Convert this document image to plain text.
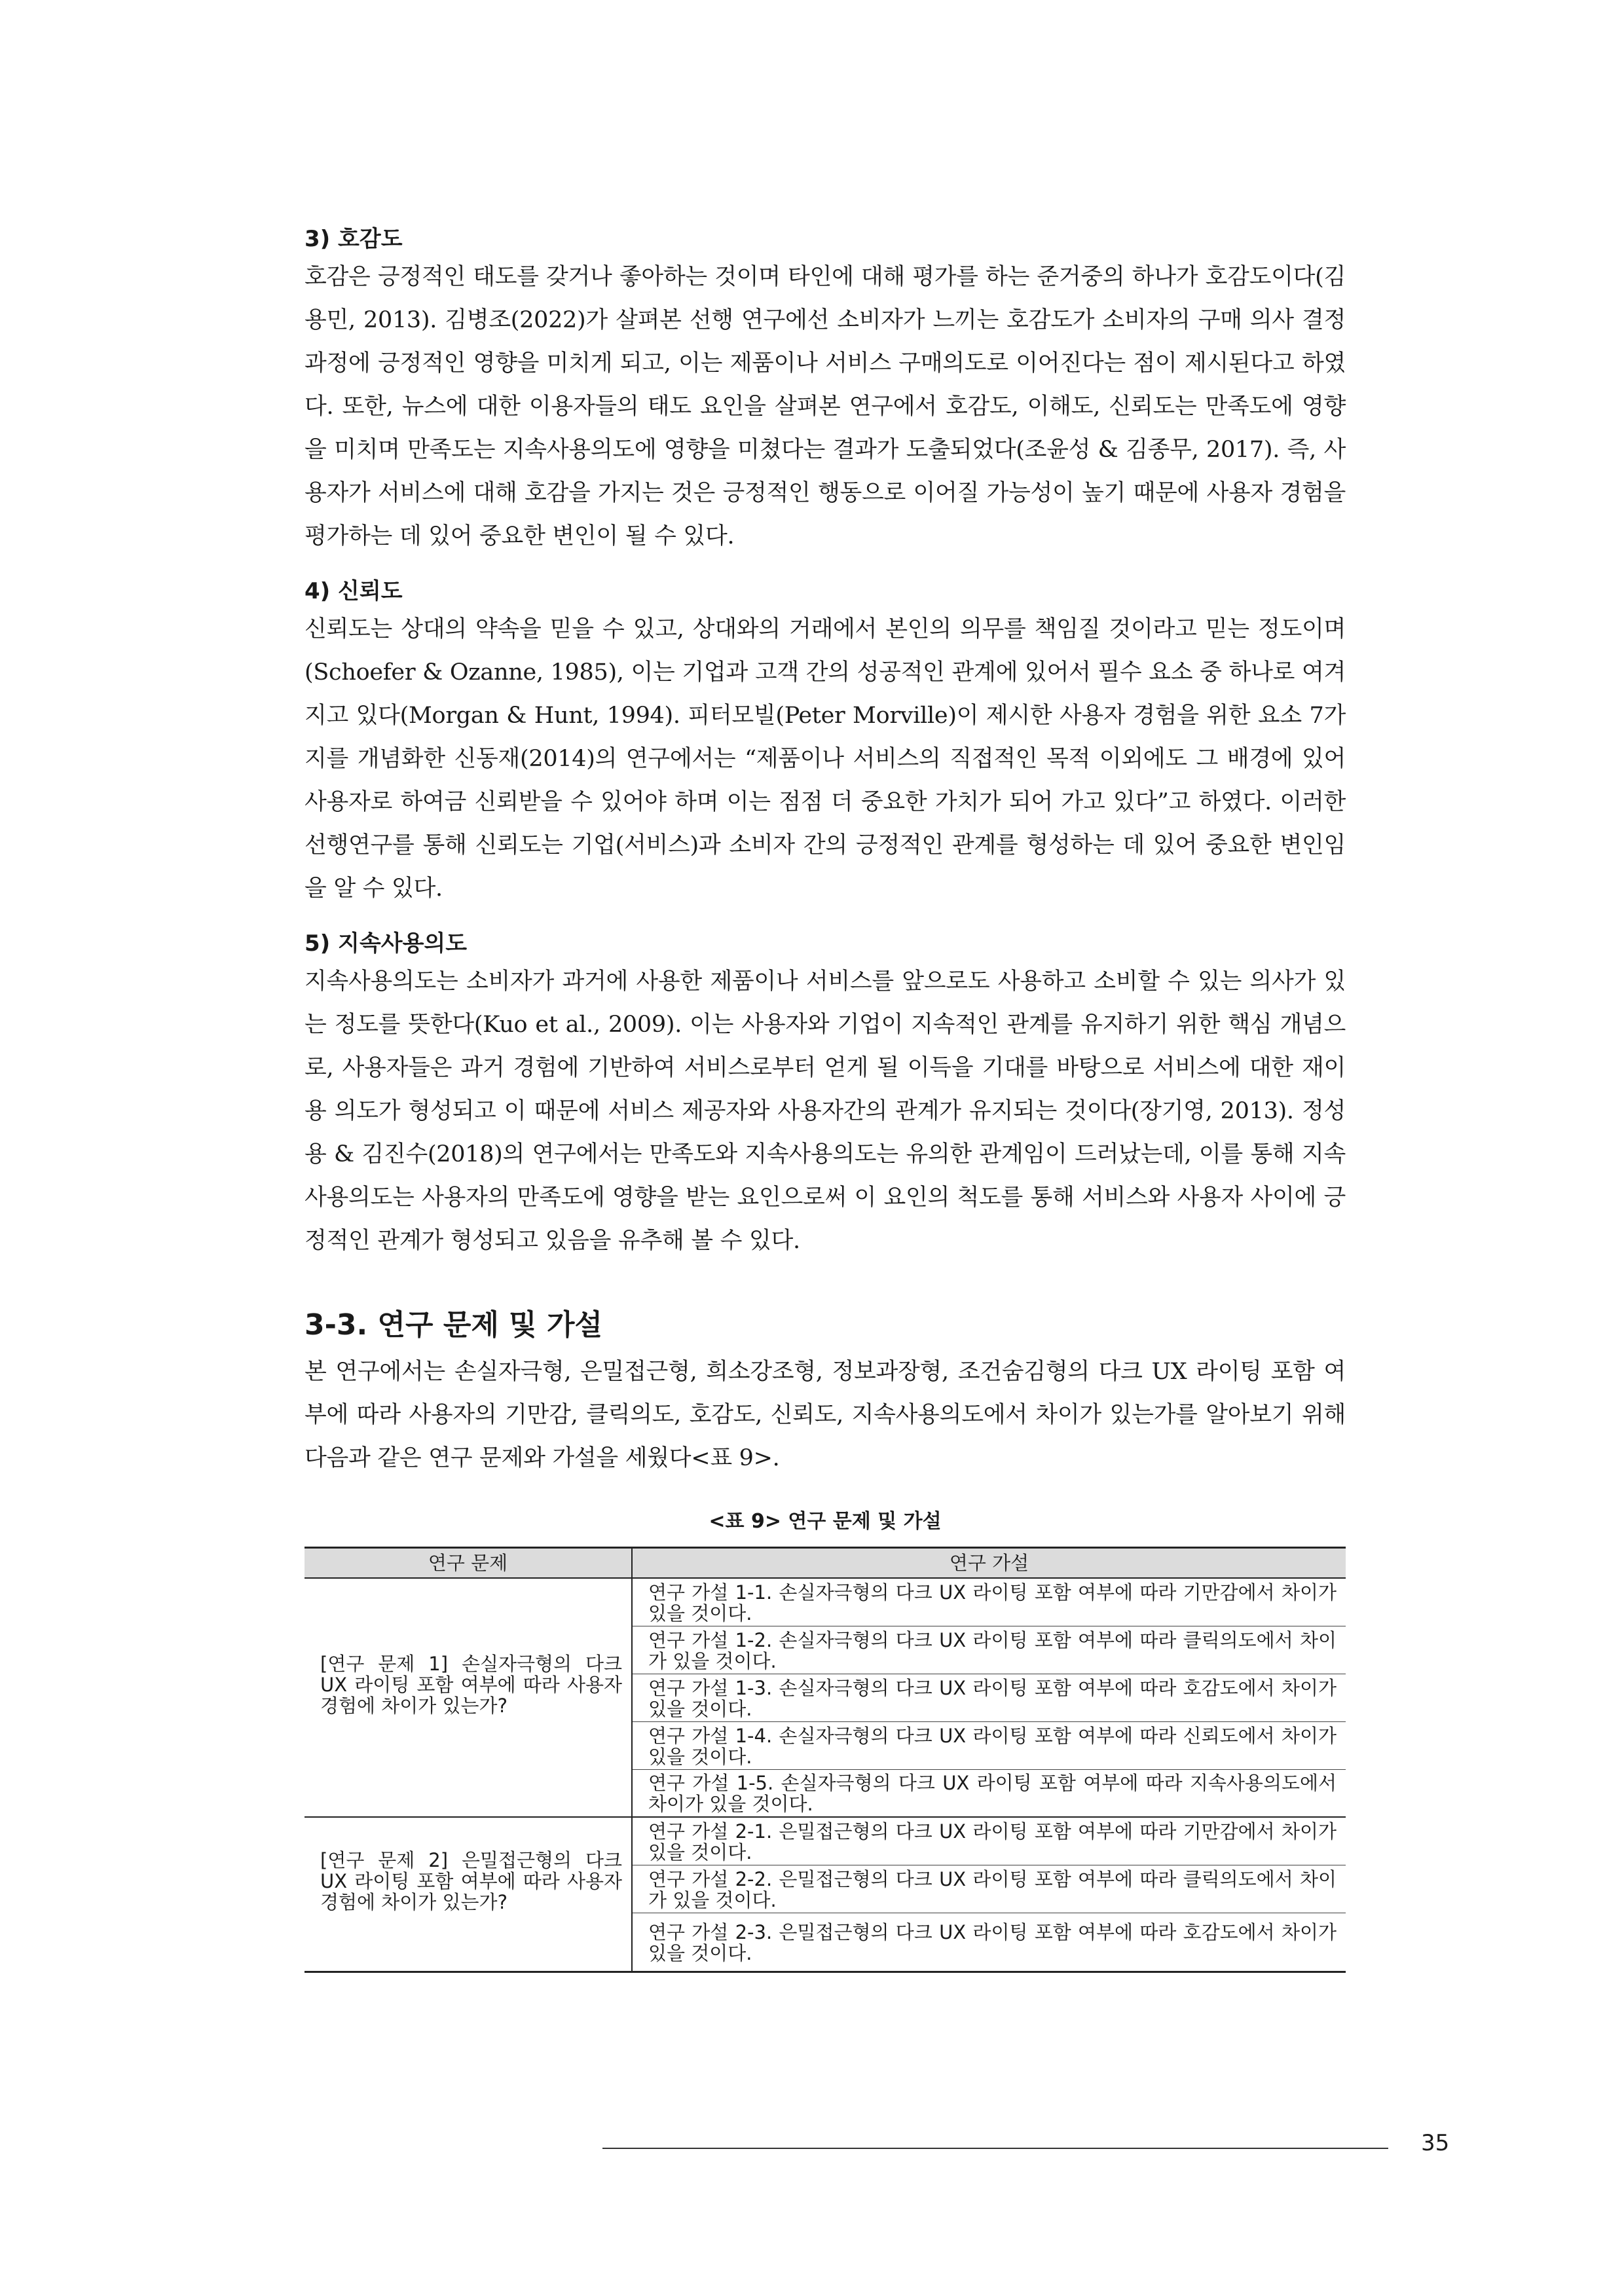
3) 호감도

호감은 긍정적인 태도를 갖거나 좋아하는 것이며 타인에 대해 평가를 하는 준거중의 하나가 호감도이다(김용민, 2013). 김병조(2022)가 살펴본 선행 연구에선 소비자가 느끼는 호감도가 소비자의 구매 의사 결정 과정에 긍정적인 영향을 미치게 되고, 이는 제품이나 서비스 구매의도로 이어진다는 점이 제시된다고 하였다. 또한, 뉴스에 대한 이용자들의 태도 요인을 살펴본 연구에서 호감도, 이해도, 신뢰도는 만족도에 영향을 미치며 만족도는 지속사용의도에 영향을 미쳤다는 결과가 도출되었다(조윤성 & 김종무, 2017). 즉, 사용자가 서비스에 대해 호감을 가지는 것은 긍정적인 행동으로 이어질 가능성이 높기 때문에 사용자 경험을 평가하는 데 있어 중요한 변인이 될 수 있다.

4) 신뢰도

신뢰도는 상대의 약속을 믿을 수 있고, 상대와의 거래에서 본인의 의무를 책임질 것이라고 믿는 정도이며(Schoefer & Ozanne, 1985), 이는 기업과 고객 간의 성공적인 관계에 있어서 필수 요소 중 하나로 여겨지고 있다(Morgan & Hunt, 1994). 피터모빌(Peter Morville)이 제시한 사용자 경험을 위한 요소 7가지를 개념화한 신동재(2014)의 연구에서는 “제품이나 서비스의 직접적인 목적 이외에도 그 배경에 있어 사용자로 하여금 신뢰받을 수 있어야 하며 이는 점점 더 중요한 가치가 되어 가고 있다”고 하였다. 이러한 선행연구를 통해 신뢰도는 기업(서비스)과 소비자 간의 긍정적인 관계를 형성하는 데 있어 중요한 변인임을 알 수 있다.

5) 지속사용의도

지속사용의도는 소비자가 과거에 사용한 제품이나 서비스를 앞으로도 사용하고 소비할 수 있는 의사가 있는 정도를 뜻한다(Kuo et al., 2009). 이는 사용자와 기업이 지속적인 관계를 유지하기 위한 핵심 개념으로, 사용자들은 과거 경험에 기반하여 서비스로부터 얻게 될 이득을 기대를 바탕으로 서비스에 대한 재이용 의도가 형성되고 이 때문에 서비스 제공자와 사용자간의 관계가 유지되는 것이다(장기영, 2013). 정성용 & 김진수(2018)의 연구에서는 만족도와 지속사용의도는 유의한 관계임이 드러났는데, 이를 통해 지속사용의도는 사용자의 만족도에 영향을 받는 요인으로써 이 요인의 척도를 통해 서비스와 사용자 사이에 긍정적인 관계가 형성되고 있음을 유추해 볼 수 있다.

3-3. 연구 문제 및 가설

본 연구에서는 손실자극형, 은밀접근형, 희소강조형, 정보과장형, 조건숨김형의 다크 UX 라이팅 포함 여부에 따라 사용자의 기만감, 클릭의도, 호감도, 신뢰도, 지속사용의도에서 차이가 있는가를 알아보기 위해 다음과 같은 연구 문제와 가설을 세웠다<표 9>.

<표 9> 연구 문제 및 가설
연구 문제	연구 가설
[연구 문제 1] 손실자극형의 다크 UX 라이팅 포함 여부에 따라 사용자 경험에 차이가 있는가?	연구 가설 1-1. 손실자극형의 다크 UX 라이팅 포함 여부에 따라 기만감에서 차이가 있을 것이다.
	연구 가설 1-2. 손실자극형의 다크 UX 라이팅 포함 여부에 따라 클릭의도에서 차이가 있을 것이다.
	연구 가설 1-3. 손실자극형의 다크 UX 라이팅 포함 여부에 따라 호감도에서 차이가 있을 것이다.
	연구 가설 1-4. 손실자극형의 다크 UX 라이팅 포함 여부에 따라 신뢰도에서 차이가 있을 것이다.
	연구 가설 1-5. 손실자극형의 다크 UX 라이팅 포함 여부에 따라 지속사용의도에서 차이가 있을 것이다.
[연구 문제 2] 은밀접근형의 다크 UX 라이팅 포함 여부에 따라 사용자 경험에 차이가 있는가?	연구 가설 2-1. 은밀접근형의 다크 UX 라이팅 포함 여부에 따라 기만감에서 차이가 있을 것이다.
	연구 가설 2-2. 은밀접근형의 다크 UX 라이팅 포함 여부에 따라 클릭의도에서 차이가 있을 것이다.
	연구 가설 2-3. 은밀접근형의 다크 UX 라이팅 포함 여부에 따라 호감도에서 차이가 있을 것이다.
35
